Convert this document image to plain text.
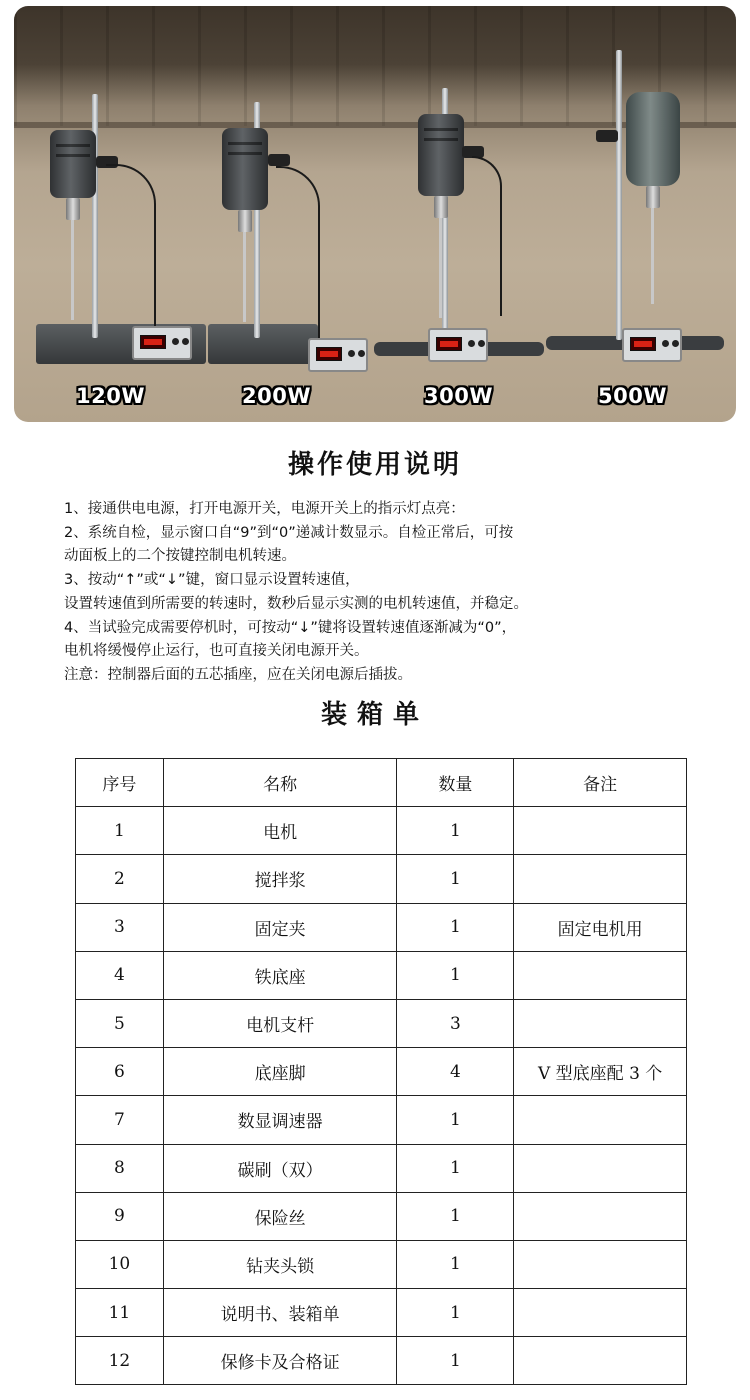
120W	200W	300W	500W
操作使用说明

1、接通供电电源，打开电源开关，电源开关上的指示灯点亮：

2、系统自检，显示窗口自“9”到“0”递减计数显示。自检正常后，可按

动面板上的二个按键控制电机转速。

3、按动“↑”或“↓”键，窗口显示设置转速值，

设置转速值到所需要的转速时，数秒后显示实测的电机转速值，并稳定。

4、当试验完成需要停机时，可按动“↓”键将设置转速值逐渐减为“0”，

电机将缓慢停止运行，也可直接关闭电源开关。

注意：控制器后面的五芯插座，应在关闭电源后插拔。

装箱单
序号	名称	数量	备注
1	电机	1	
2	搅拌浆	1	
3	固定夹	1	固定电机用
4	铁底座	1	
5	电机支杆	3	
6	底座脚	4	V 型底座配 3 个
7	数显调速器	1	
8	碳刷（双）	1	
9	保险丝	1	
10	钻夹头锁	1	
11	说明书、装箱单	1	
12	保修卡及合格证	1	
